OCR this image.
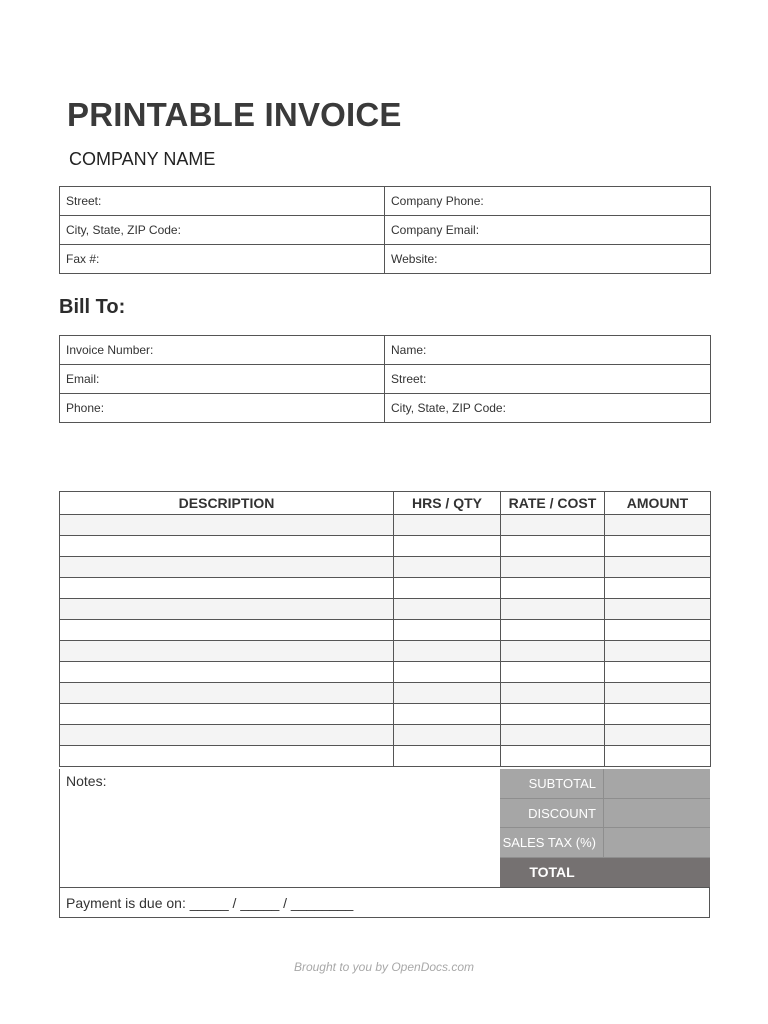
PRINTABLE INVOICE
COMPANY NAME
Street:	Company Phone:
City, State, ZIP Code:	Company Email:
Fax #:	Website:
Bill To:
Invoice Number:	Name:
Email:	Street:
Phone:	City, State, ZIP Code:
DESCRIPTION	HRS / QTY	RATE / COST	AMOUNT

Notes:	SUBTOTAL
DISCOUNT
SALES TAX (%)
TOTAL
Payment is due on: _____ / _____ / ________
Brought to you by OpenDocs.com
